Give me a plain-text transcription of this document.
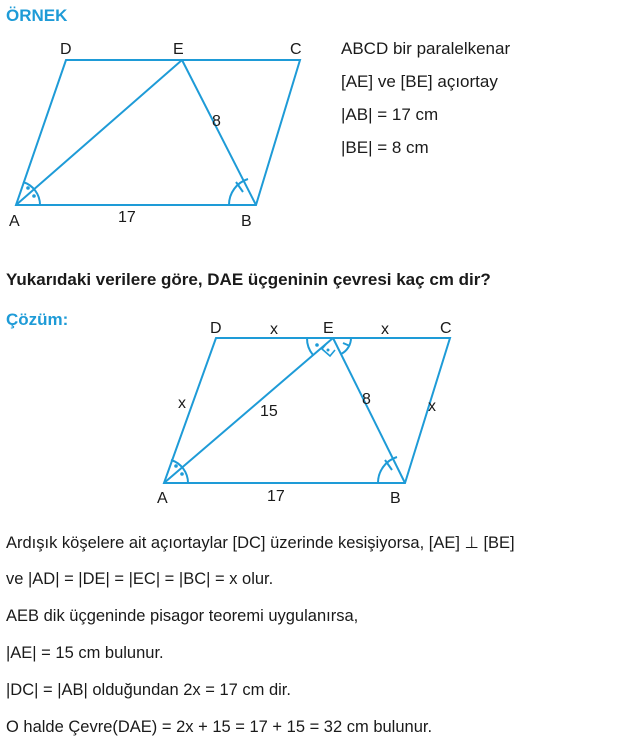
ÖRNEK
A	B
C
D	E
17
8
ABCD bir paralelkenar
[AE] ve [BE] açıortay
|AB| = 17 cm
|BE| = 8 cm
Yukarıdaki verilere göre, DAE üçgeninin çevresi kaç cm dir?
Çözüm:
A	B
C
D	E
x	x
x	x
15
8
17
Ardışık köşelere ait açıortaylar [DC] üzerinde kesişiyorsa, [AE] ⊥ [BE]
ve |AD| = |DE| = |EC| = |BC| = x olur.
AEB dik üçgeninde pisagor teoremi uygulanırsa,
|AE| = 15 cm bulunur.
|DC| = |AB| olduğundan 2x = 17 cm dir.
O halde Çevre(DAE) = 2x + 15 = 17 + 15 = 32 cm bulunur.
